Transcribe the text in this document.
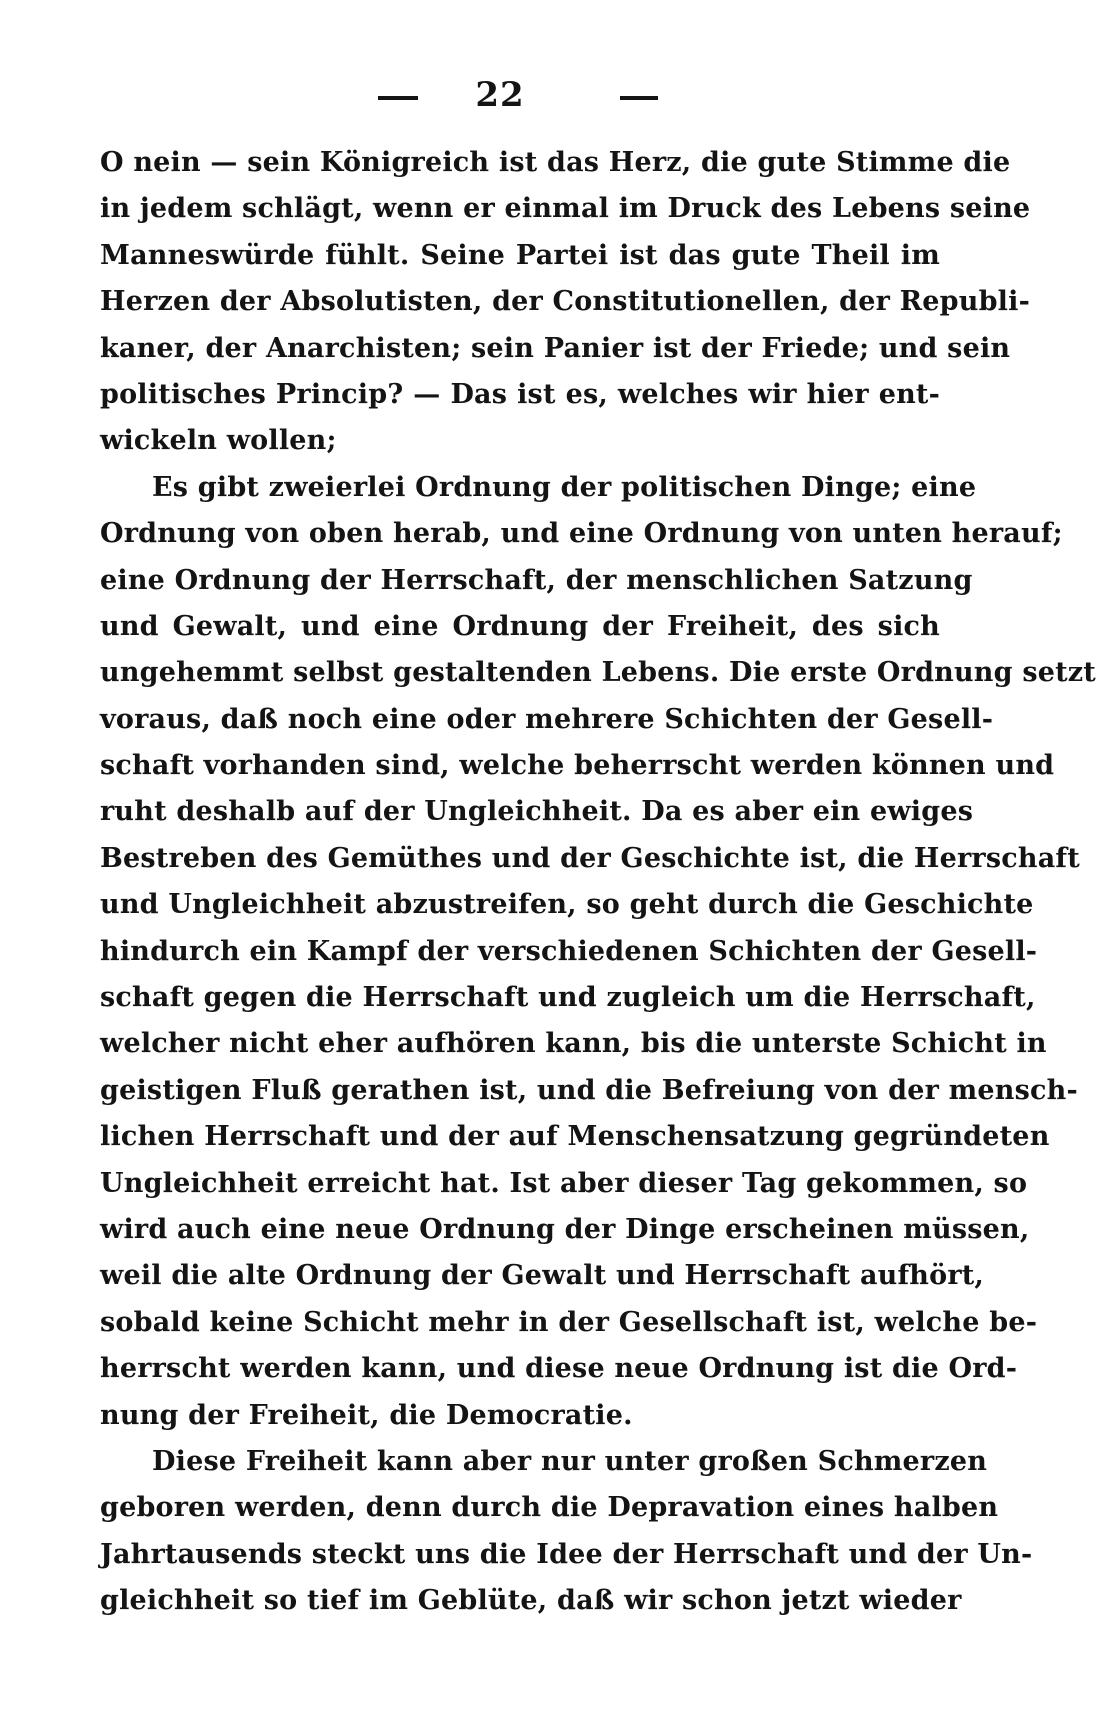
22
O nein — sein Königreich ist das Herz, die gute Stimme die
in jedem schlägt, wenn er einmal im Druck des Lebens seine
Manneswürde fühlt. Seine Partei ist das gute Theil im
Herzen der Absolutisten, der Constitutionellen, der Republi-
kaner, der Anarchisten; sein Panier ist der Friede; und sein
politisches Princip? — Das ist es, welches wir hier ent-
wickeln wollen;
Es gibt zweierlei Ordnung der politischen Dinge; eine
Ordnung von oben herab, und eine Ordnung von unten herauf;
eine Ordnung der Herrschaft, der menschlichen Satzung
und Gewalt, und eine Ordnung der Freiheit, des sich
ungehemmt selbst gestaltenden Lebens. Die erste Ordnung setzt
voraus, daß noch eine oder mehrere Schichten der Gesell-
schaft vorhanden sind, welche beherrscht werden können und
ruht deshalb auf der Ungleichheit. Da es aber ein ewiges
Bestreben des Gemüthes und der Geschichte ist, die Herrschaft
und Ungleichheit abzustreifen, so geht durch die Geschichte
hindurch ein Kampf der verschiedenen Schichten der Gesell-
schaft gegen die Herrschaft und zugleich um die Herrschaft,
welcher nicht eher aufhören kann, bis die unterste Schicht in
geistigen Fluß gerathen ist, und die Befreiung von der mensch-
lichen Herrschaft und der auf Menschensatzung gegründeten
Ungleichheit erreicht hat. Ist aber dieser Tag gekommen, so
wird auch eine neue Ordnung der Dinge erscheinen müssen,
weil die alte Ordnung der Gewalt und Herrschaft aufhört,
sobald keine Schicht mehr in der Gesellschaft ist, welche be-
herrscht werden kann, und diese neue Ordnung ist die Ord-
nung der Freiheit, die Democratie.
Diese Freiheit kann aber nur unter großen Schmerzen
geboren werden, denn durch die Depravation eines halben
Jahrtausends steckt uns die Idee der Herrschaft und der Un-
gleichheit so tief im Geblüte, daß wir schon jetzt wieder
